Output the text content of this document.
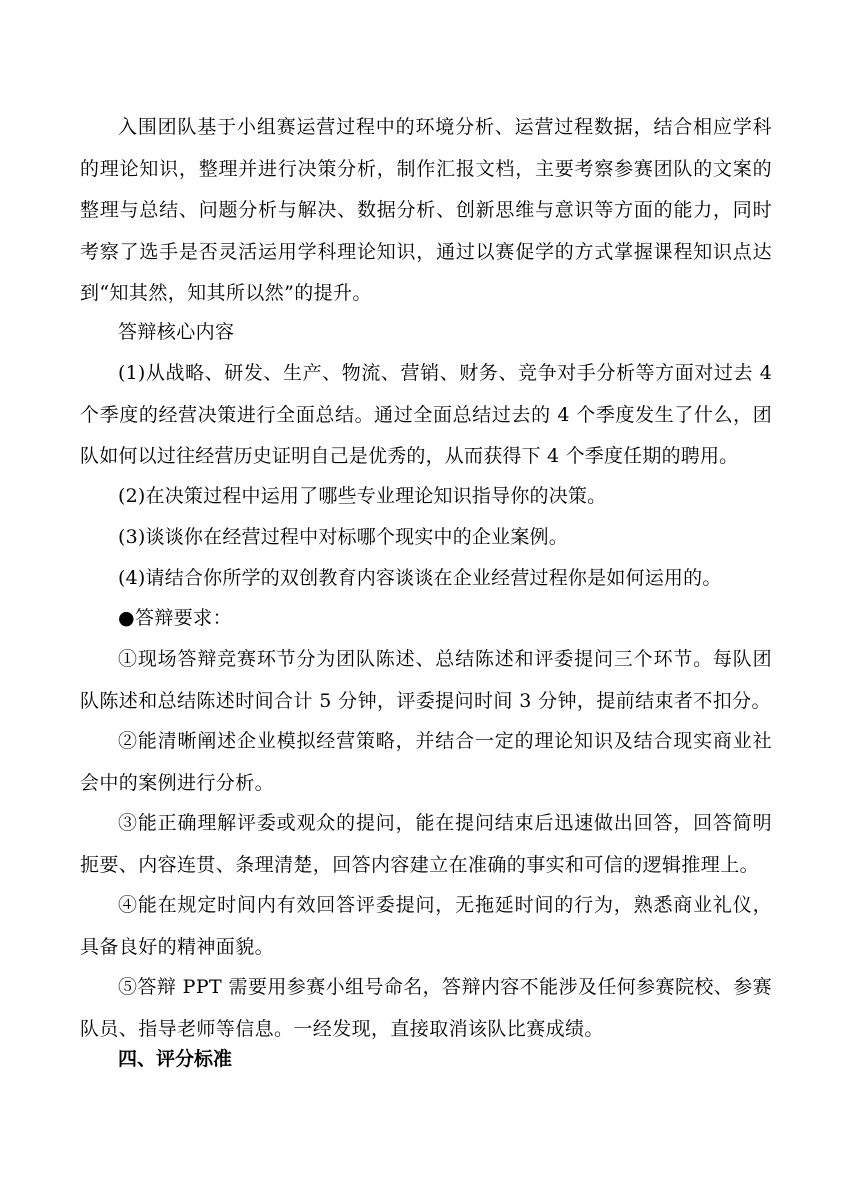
入围团队基于小组赛运营过程中的环境分析、运营过程数据，结合相应学科的理论知识，整理并进行决策分析，制作汇报文档，主要考察参赛团队的文案的整理与总结、问题分析与解决、数据分析、创新思维与意识等方面的能力，同时考察了选手是否灵活运用学科理论知识，通过以赛促学的方式掌握课程知识点达到“知其然，知其所以然”的提升。

答辩核心内容

(1)从战略、研发、生产、物流、营销、财务、竞争对手分析等方面对过去 4 个季度的经营决策进行全面总结。通过全面总结过去的 4 个季度发生了什么，团队如何以过往经营历史证明自己是优秀的，从而获得下 4 个季度任期的聘用。

(2)在决策过程中运用了哪些专业理论知识指导你的决策。

(3)谈谈你在经营过程中对标哪个现实中的企业案例。

(4)请结合你所学的双创教育内容谈谈在企业经营过程你是如何运用的。

●答辩要求：

①现场答辩竞赛环节分为团队陈述、总结陈述和评委提问三个环节。每队团队陈述和总结陈述时间合计 5 分钟，评委提问时间 3 分钟，提前结束者不扣分。

②能清晰阐述企业模拟经营策略，并结合一定的理论知识及结合现实商业社会中的案例进行分析。

③能正确理解评委或观众的提问，能在提问结束后迅速做出回答，回答简明扼要、内容连贯、条理清楚，回答内容建立在准确的事实和可信的逻辑推理上。

④能在规定时间内有效回答评委提问，无拖延时间的行为，熟悉商业礼仪，具备良好的精神面貌。

⑤答辩 PPT 需要用参赛小组号命名，答辩内容不能涉及任何参赛院校、参赛队员、指导老师等信息。一经发现，直接取消该队比赛成绩。

四、评分标准
